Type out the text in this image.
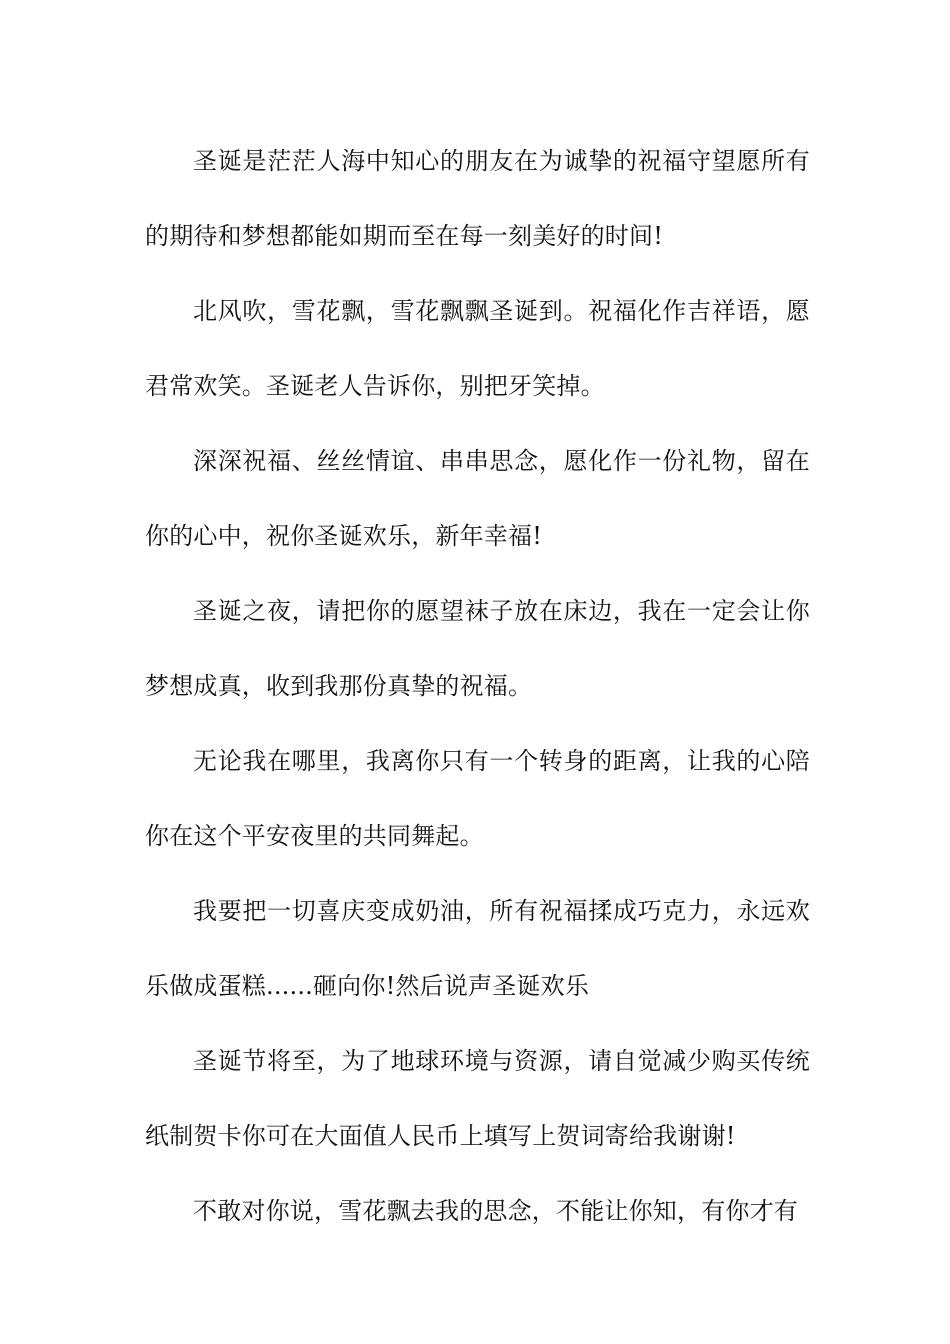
圣诞是茫茫人海中知心的朋友在为诚挚的祝福守望愿所有的期待和梦想都能如期而至在每一刻美好的时间!

北风吹，雪花飘，雪花飘飘圣诞到。祝福化作吉祥语，愿君常欢笑。圣诞老人告诉你，别把牙笑掉。

深深祝福、丝丝情谊、串串思念，愿化作一份礼物，留在你的心中，祝你圣诞欢乐，新年幸福!

圣诞之夜，请把你的愿望袜子放在床边，我在一定会让你梦想成真，收到我那份真挚的祝福。

无论我在哪里，我离你只有一个转身的距离，让我的心陪你在这个平安夜里的共同舞起。

我要把一切喜庆变成奶油，所有祝福揉成巧克力，永远欢乐做成蛋糕......砸向你!然后说声圣诞欢乐

圣诞节将至，为了地球环境与资源，请自觉减少购买传统纸制贺卡你可在大面值人民币上填写上贺词寄给我谢谢!

不敢对你说，雪花飘去我的思念，不能让你知，有你才有
